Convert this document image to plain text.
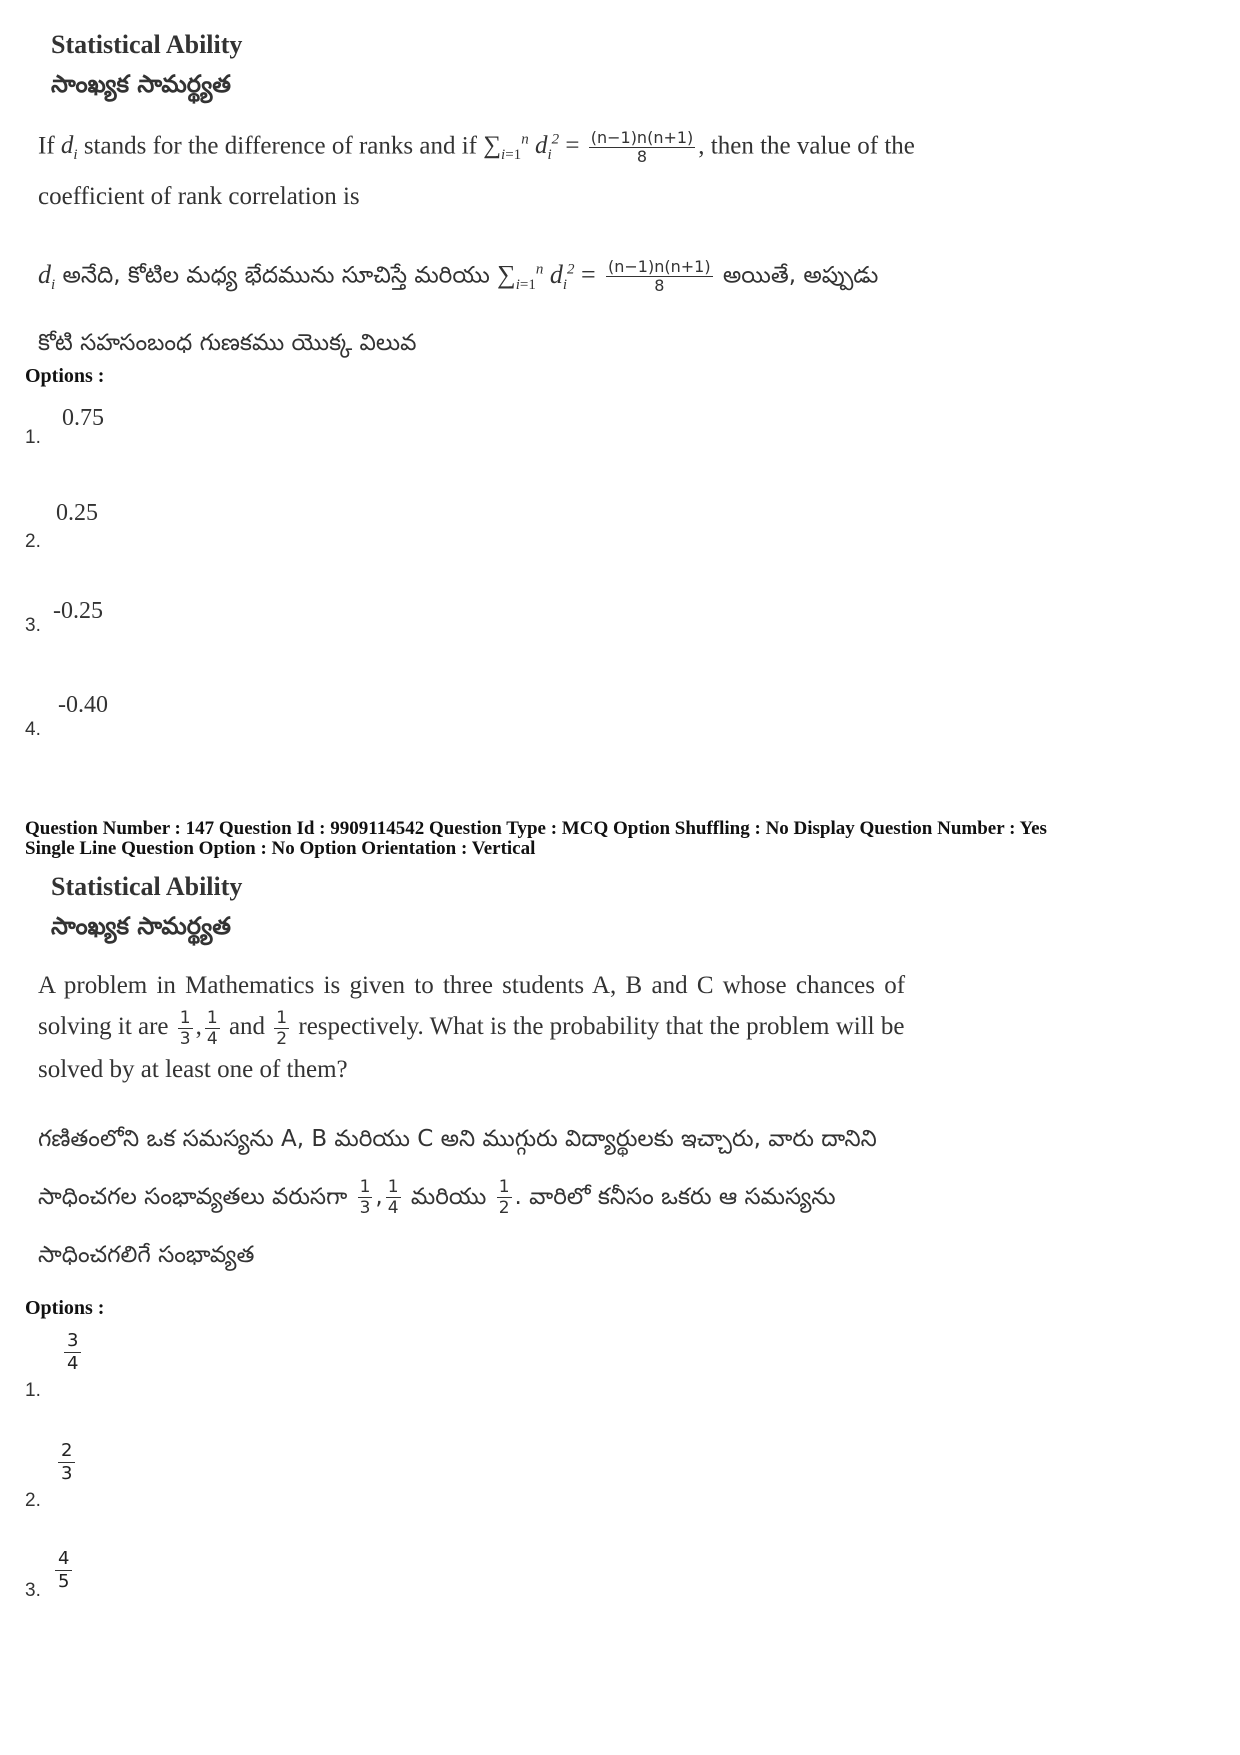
Statistical Ability
సాంఖ్యక సామర్థ్యత
If $d_i$ stands for the difference of ranks and if $\sum_{i=1}^n$ $d_i^2 = \frac{(n-1)n(n+1)}{8}$ , then the value of the
coefficient of rank correlation is
$d_i$ అనేది, కోటిల మధ్య భేదమును సూచిస్తే మరియు $\sum_{i=1}^n$ $d_i^2 = \frac{(n-1)n(n+1)}{8}$ అయితే, అప్పుడు
కోటి సహసంబంధ గుణకము యొక్క విలువ
Options :
0.75
1.
0.25
2.
-0.25
3.
-0.40
4.
Question Number : 147 Question Id : 9909114542 Question Type : MCQ Option Shuffling : No Display Question Number : Yes
Single Line Question Option : No Option Orientation : Vertical
Statistical Ability
సాంఖ్యక సామర్థ్యత
A problem in Mathematics is given to three students A, B and C whose chances of
solving it are $\frac{1}{3}$ , $\frac{1}{4}$ and $\frac{1}{2}$ respectively. What is the probability that the problem will be
solved by at least one of them?
గణితంలోని ఒక సమస్యను A, B మరియు C అని ముగ్గురు విద్యార్థులకు ఇచ్చారు, వారు దానిని
సాధించగల సంభావ్యతలు వరుసగా $\frac{1}{3}$ , $\frac{1}{4}$ మరియు $\frac{1}{2}$ . వారిలో కనీసం ఒకరు ఆ సమస్యను
సాధించగలిగే సంభావ్యత
Options :
$\frac{3}{4}$
1.
$\frac{2}{3}$
2.
$\frac{4}{5}$
3.
